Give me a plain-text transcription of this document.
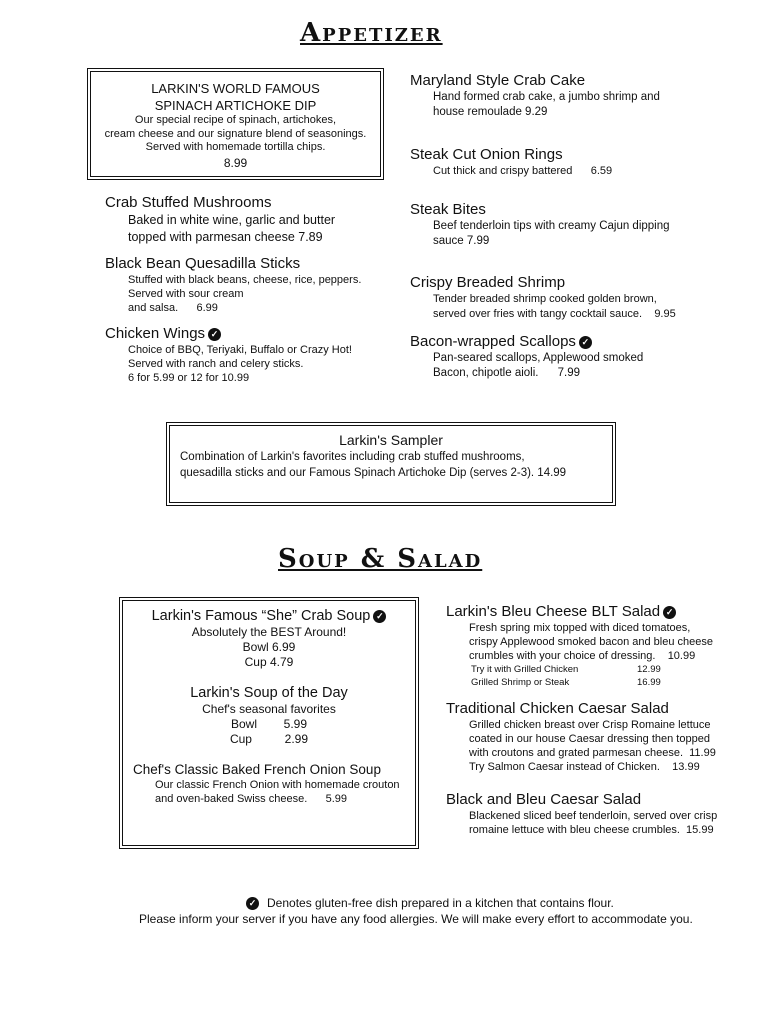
Appetizer
LARKIN'S WORLD FAMOUS
SPINACH ARTICHOKE DIP
Our special recipe of spinach, artichokes,
cream cheese and our signature blend of seasonings.
Served with homemade tortilla chips.
8.99

Crab Stuffed Mushrooms

Baked in white wine, garlic and butter
topped with parmesan cheese 7.89

Black Bean Quesadilla Sticks

Stuffed with black beans, cheese, rice, peppers.
Served with sour cream
and salsa.      6.99

Chicken Wings ✓

Choice of BBQ, Teriyaki, Buffalo or Crazy Hot!
Served with ranch and celery sticks.
6 for 5.99 or 12 for 10.99

Maryland Style Crab Cake

Hand formed crab cake, a jumbo shrimp and
house remoulade 9.29

Steak Cut Onion Rings

Cut thick and crispy battered      6.59

Steak Bites

Beef tenderloin tips with creamy Cajun dipping
sauce 7.99

Crispy Breaded Shrimp

Tender breaded shrimp cooked golden brown,
served over fries with tangy cocktail sauce.    9.95

Bacon-wrapped Scallops ✓

Pan-seared scallops, Applewood smoked
Bacon, chipotle aioli.      7.99
Larkin's Sampler
Combination of Larkin's favorites including crab stuffed mushrooms,
quesadilla sticks and our Famous Spinach Artichoke Dip (serves 2-3). 14.99
Soup & Salad
Larkin's Famous “She” Crab Soup ✓
Absolutely the BEST Around!
Bowl 6.99
Cup 4.79
Larkin's Soup of the Day
Chef's seasonal favorites
Bowl 5.99
Cup	2.99
Chef's Classic Baked French Onion Soup
Our classic French Onion with homemade crouton
and oven-baked Swiss cheese.      5.99

Larkin's Bleu Cheese BLT Salad ✓

Fresh spring mix topped with diced tomatoes,
crispy Applewood smoked bacon and bleu cheese
crumbles with your choice of dressing.    10.99
Try it with Grilled Chicken	12.99
Grilled Shrimp or Steak	16.99

Traditional Chicken Caesar Salad

Grilled chicken breast over Crisp Romaine lettuce
coated in our house Caesar dressing then topped
with croutons and grated parmesan cheese.  11.99
Try Salmon Caesar instead of Chicken.    13.99

Black and Bleu Caesar Salad

Blackened sliced beef tenderloin, served over crisp
romaine lettuce with bleu cheese crumbles.  15.99
✓ Denotes gluten-free dish prepared in a kitchen that contains flour.
Please inform your server if you have any food allergies. We will make every effort to accommodate you.
